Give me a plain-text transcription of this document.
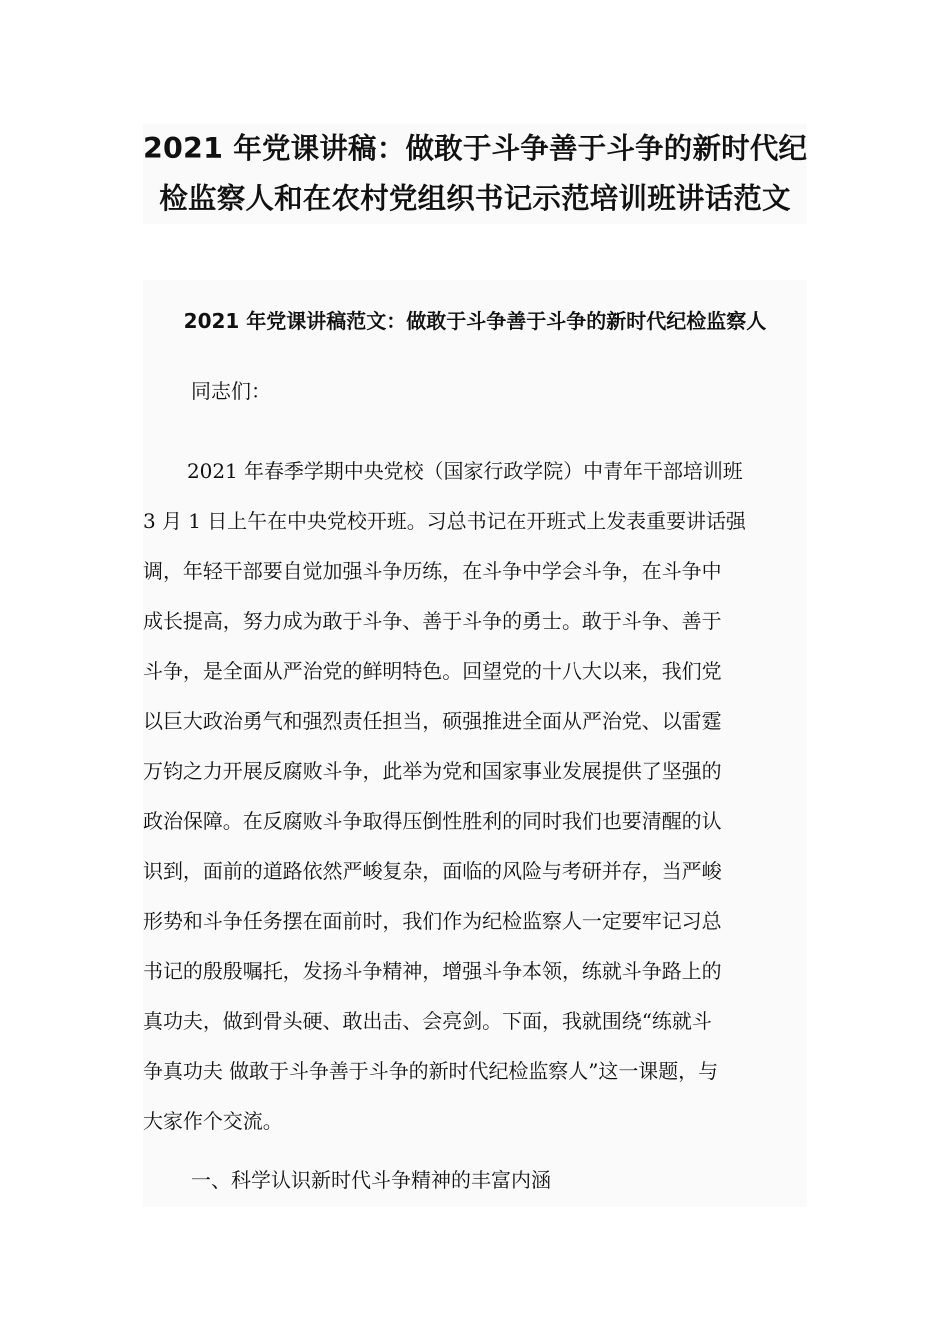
2021 年党课讲稿：做敢于斗争善于斗争的新时代纪

检监察人和在农村党组织书记示范培训班讲话范文

2021 年党课讲稿范文：做敢于斗争善于斗争的新时代纪检监察人

同志们：

2021 年春季学期中央党校（国家行政学院）中青年干部培训班

3 月 1 日上午在中央党校开班。习总书记在开班式上发表重要讲话强

调，年轻干部要自觉加强斗争历练，在斗争中学会斗争，在斗争中

成长提高，努力成为敢于斗争、善于斗争的勇士。敢于斗争、善于

斗争，是全面从严治党的鲜明特色。回望党的十八大以来，我们党

以巨大政治勇气和强烈责任担当，硕强推进全面从严治党、以雷霆

万钧之力开展反腐败斗争，此举为党和国家事业发展提供了坚强的

政治保障。在反腐败斗争取得压倒性胜利的同时我们也要清醒的认

识到，面前的道路依然严峻复杂，面临的风险与考研并存，当严峻

形势和斗争任务摆在面前时，我们作为纪检监察人一定要牢记习总

书记的殷殷嘱托，发扬斗争精神，增强斗争本领，练就斗争路上的

真功夫，做到骨头硬、敢出击、会亮剑。下面，我就围绕“练就斗

争真功夫 做敢于斗争善于斗争的新时代纪检监察人”这一课题，与

大家作个交流。

一、科学认识新时代斗争精神的丰富内涵
